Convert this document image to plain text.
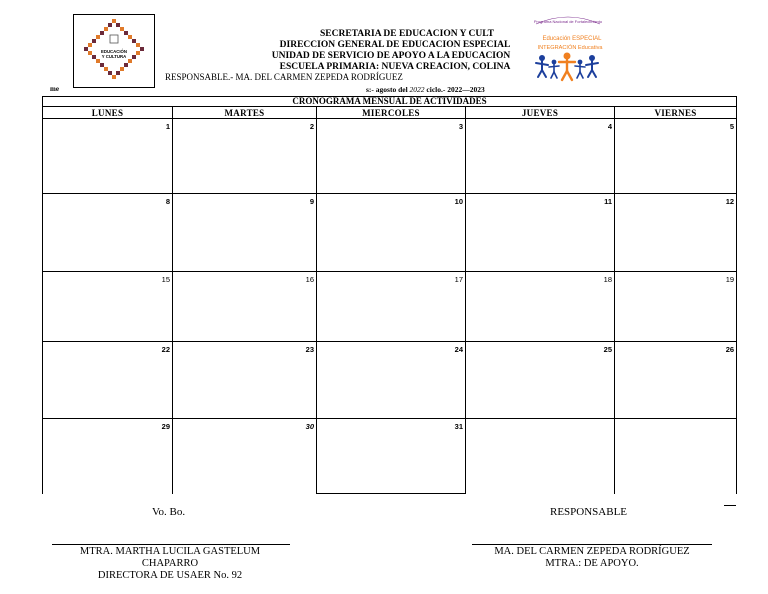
EDUCACIÓN
Y CULTURA
SECRETARÍA DE EDUCACIÓN Y CULT
DIRECCIÓN GENERAL DE EDUCACIÓN ESPECIAL
UNIDAD DE SERVICIO DE APOYO A LA EDUCACIÓN
ESCUELA PRIMARIA: NUEVA CREACIÓN, COLINA
RESPONSABLE.- MA. DEL CARMEN ZEPEDA RODRÍGUEZ
me	s:- agosto del 2022 ciclo.- 2022—2023
Programa Nacional de Fortalecimiento
Educación ESPECIAL
INTEGRACIÓN Educativa
CRONOGRAMA MENSUAL DE ACTIVIDADES				
LUNES	MARTES	MIERCOLES	JUEVES	VIERNES

1	2	3	4	5

8	9	10	11	12

15	16	17	18	19

22	23	24	25	26

29	30	31		

Vo. Bo.	RESPONSABLE
MTRA. MARTHA LUCILA GASTELUM
CHAPARRO
DIRECTORA DE USAER No. 92
MA. DEL CARMEN ZEPEDA RODRÍGUEZ
MTRA.: DE APOYO.
